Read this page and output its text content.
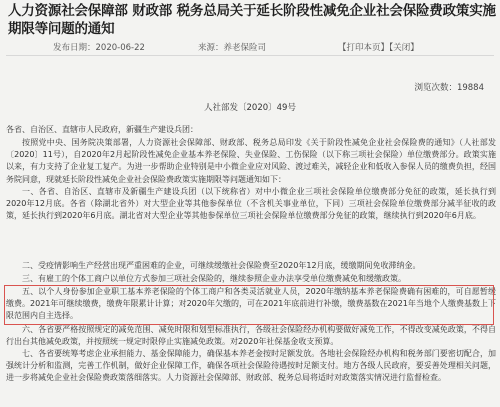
人力资源社会保障部 财政部 税务总局关于延长阶段性减免企业社会保险费政策实施期限等问题的通知
发布日期：2020-06-22	来源：养老保险司	【打印本页】【关闭】
浏览次数：19884
人社部发〔2020〕49号
各省、自治区、直辖市人民政府，新疆生产建设兵团：
按照党中央、国务院决策部署，人力资源社会保障部、财政部、税务总局印发《关于阶段性减免企业社会保险费的通知》（人社部发〔2020〕11号），自2020年2月起阶段性减免企业基本养老保险、失业保险、工伤保险（以下称三项社会保险）单位缴费部分。政策实施以来，有力支持了企业复工复产。为进一步帮助企业特别是中小微企业应对风险、渡过难关，减轻企业和低收入参保人员的缴费负担，经国务院同意，现就延长阶段性减免企业社会保险费政策实施期限等问题通知如下：
一、各省、自治区、直辖市及新疆生产建设兵团（以下统称省）对中小微企业三项社会保险单位缴费部分免征的政策，延长执行到2020年12月底。各省（除湖北省外）对大型企业等其他参保单位（不含机关事业单位，下同）三项社会保险单位缴费部分减半征收的政策，延长执行到2020年6月底。湖北省对大型企业等其他参保单位三项社会保险单位缴费部分免征的政策，继续执行到2020年6月底。
二、受疫情影响生产经营出现严重困难的企业，可继续缓缴社会保险费至2020年12月底，缓缴期间免收滞纳金。
三、有雇工的个体工商户以单位方式参加三项社会保险的，继续参照企业办法享受单位缴费减免和缓缴政策。
五、以个人身份参加企业职工基本养老保险的个体工商户和各类灵活就业人员，2020年缴纳基本养老保险费确有困难的，可自愿暂缓缴费。2021年可继续缴费，缴费年限累计计算；对2020年欠缴的，可在2021年底前进行补缴，缴费基数在2021年当地个人缴费基数上下限范围内自主选择。
六、各省要严格按照规定的减免范围、减免时限和划型标准执行，各级社会保险经办机构要做好减免工作，不得改变减免政策，不得自行出台其他减免政策，并按照统一规定时限停止实施减免政策。对2020年社保基金收支预算。
七、各省要统筹考虑企业承担能力、基金保障能力，确保基本养老金按时足额发放。各地社会保险经办机构和税务部门要密切配合，加强统计分析和监测，完善工作机制，做好企业保障工作，确保各项社会保险待遇按时足额支付。地方各级人民政府，要妥善处理相关问题，进一步将减免企业社会保险费政策落细落实。人力资源社会保障部、财政部、税务总局将适时对政策落实情况进行监督检查。
